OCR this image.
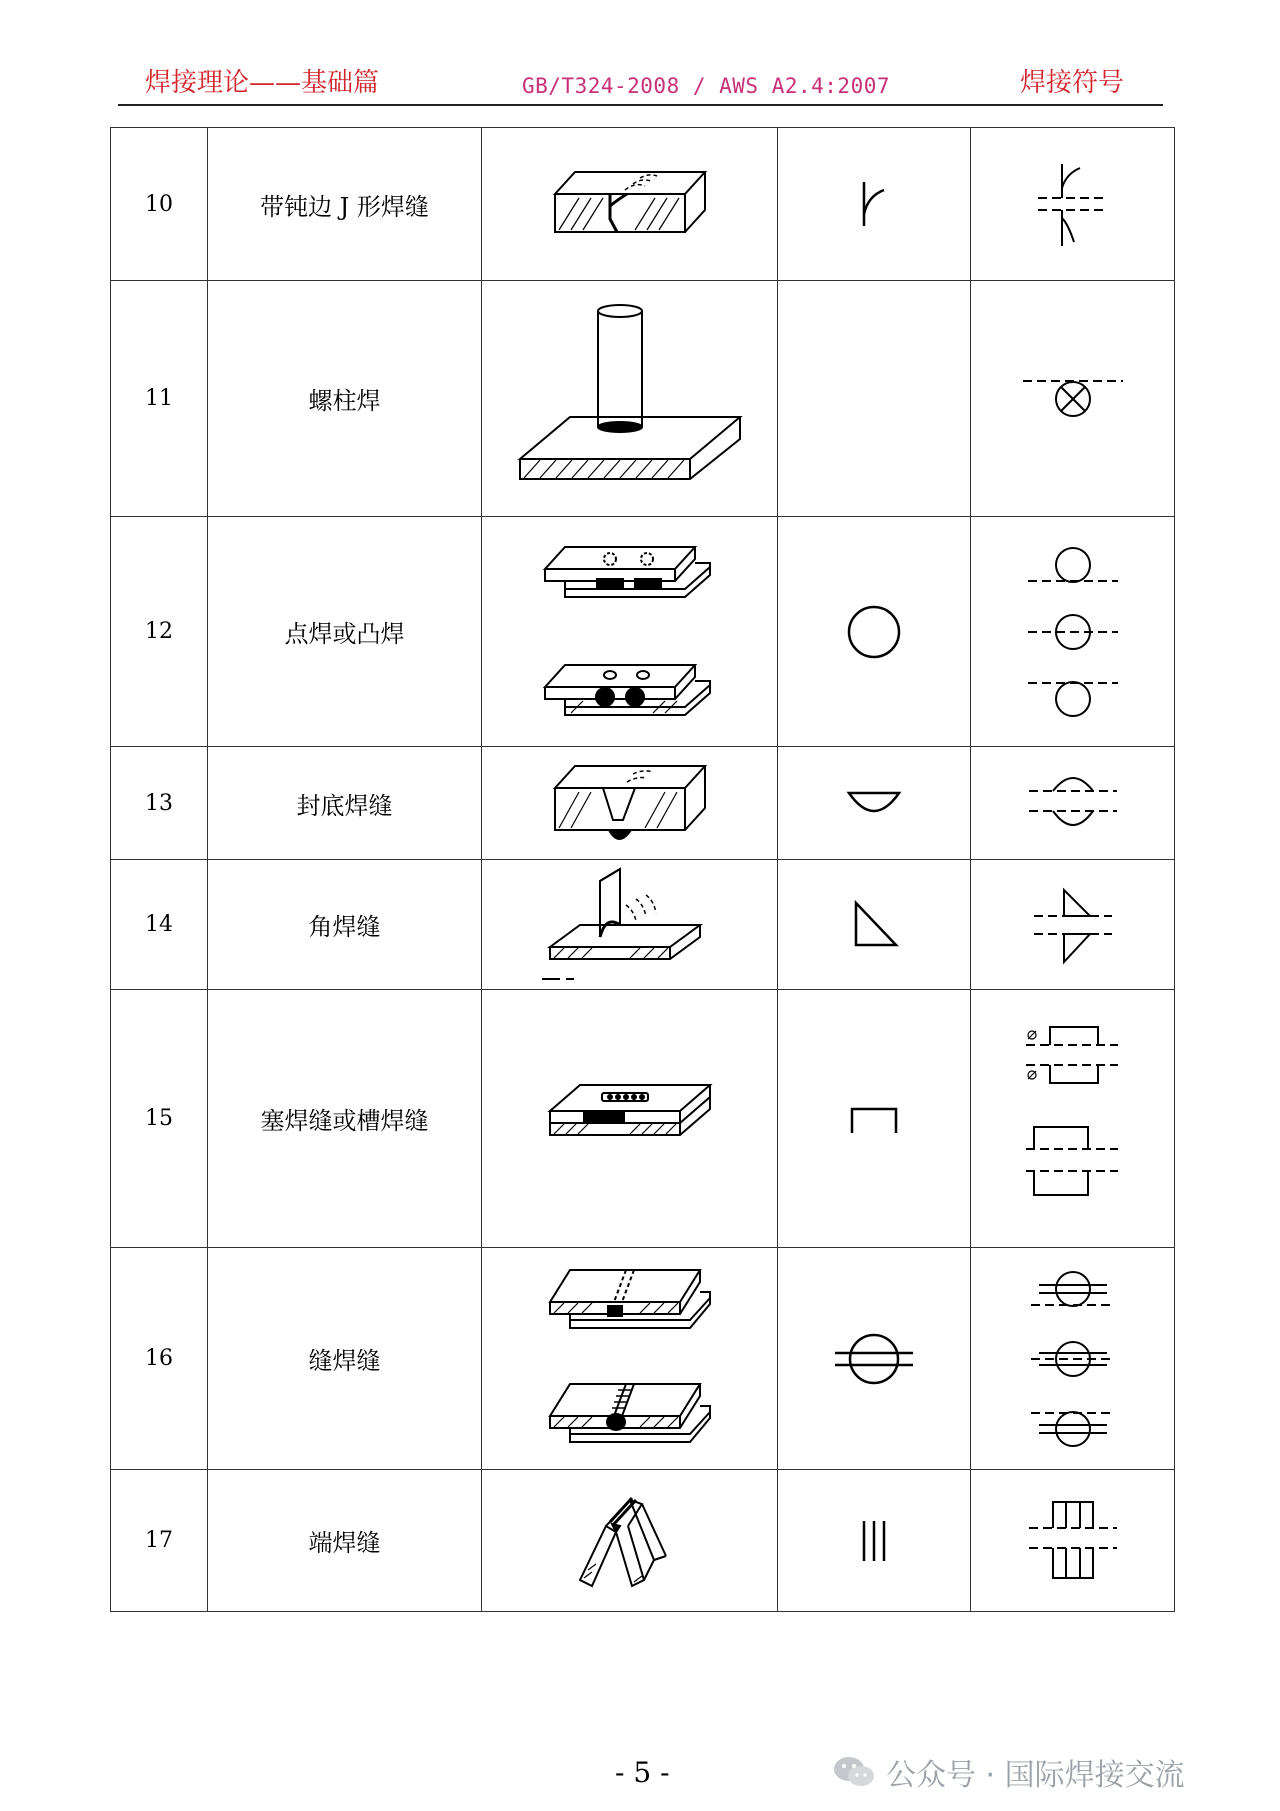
焊接理论——基础篇	GB/T324-2008 / AWS A2.4:2007	焊接符号
10	带钝边 J 形焊缝	

11	螺柱焊	

12	点焊或凸焊	

13	封底焊缝	

14	角焊缝	

15	塞焊缝或槽焊缝	

16	缝焊缝	

17	端焊缝	

- 5 -	公众号 · 国际焊接交流
